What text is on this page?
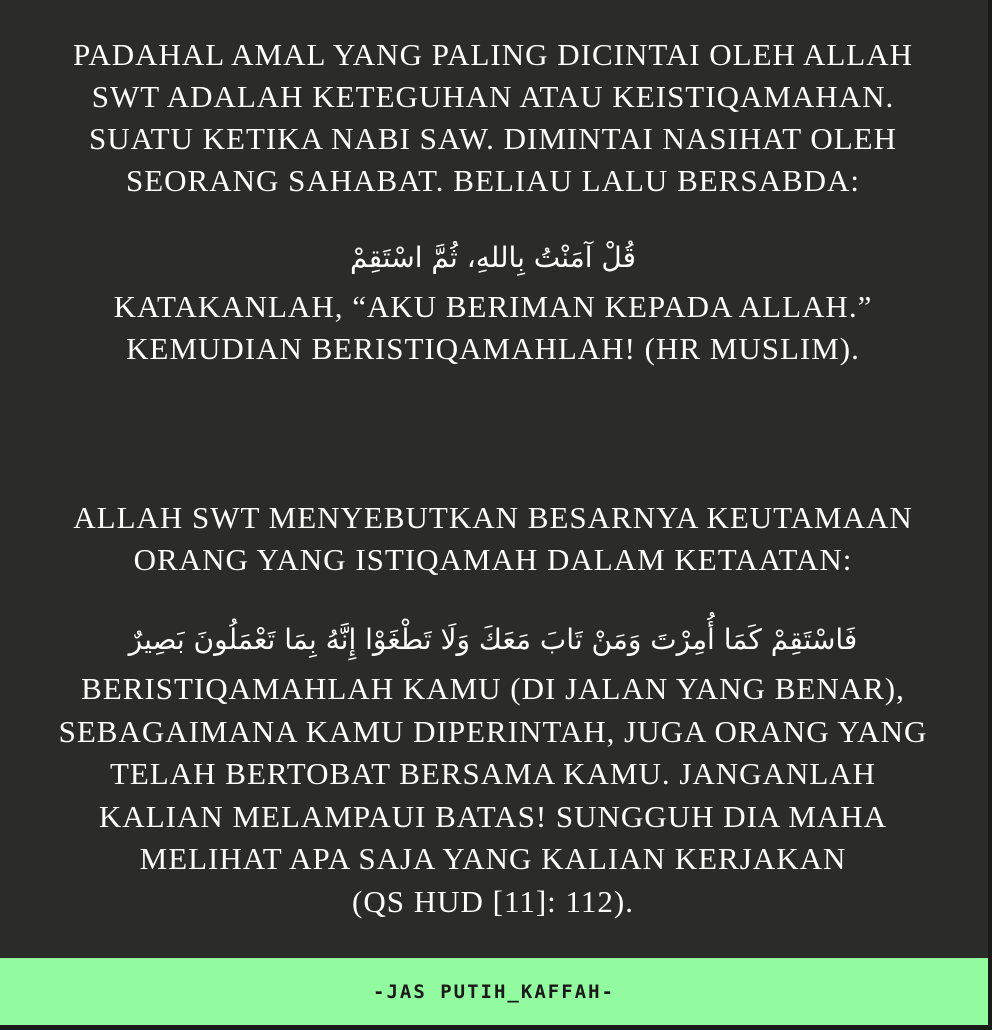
PADAHAL AMAL YANG PALING DICINTAI OLEH ALLAH
SWT ADALAH KETEGUHAN ATAU KEISTIQAMAHAN.
SUATU KETIKA NABI SAW. DIMINTAI NASIHAT OLEH
SEORANG SAHABAT. BELIAU LALU BERSABDA:
قُلْ آمَنْتُ بِاللهِ، ثُمَّ اسْتَقِمْ
KATAKANLAH, “AKU BERIMAN KEPADA ALLAH.”
KEMUDIAN BERISTIQAMAHLAH! (HR MUSLIM).
ALLAH SWT MENYEBUTKAN BESARNYA KEUTAMAAN
ORANG YANG ISTIQAMAH DALAM KETAATAN:
فَاسْتَقِمْ كَمَا أُمِرْتَ وَمَنْ تَابَ مَعَكَ وَلَا تَطْغَوْا إِنَّهُ بِمَا تَعْمَلُونَ بَصِيرٌ
BERISTIQAMAHLAH KAMU (DI JALAN YANG BENAR),
SEBAGAIMANA KAMU DIPERINTAH, JUGA ORANG YANG
TELAH BERTOBAT BERSAMA KAMU. JANGANLAH
KALIAN MELAMPAUI BATAS! SUNGGUH DIA MAHA
MELIHAT APA SAJA YANG KALIAN KERJAKAN
(QS HUD [11]: 112).
-JAS PUTIH_KAFFAH-
